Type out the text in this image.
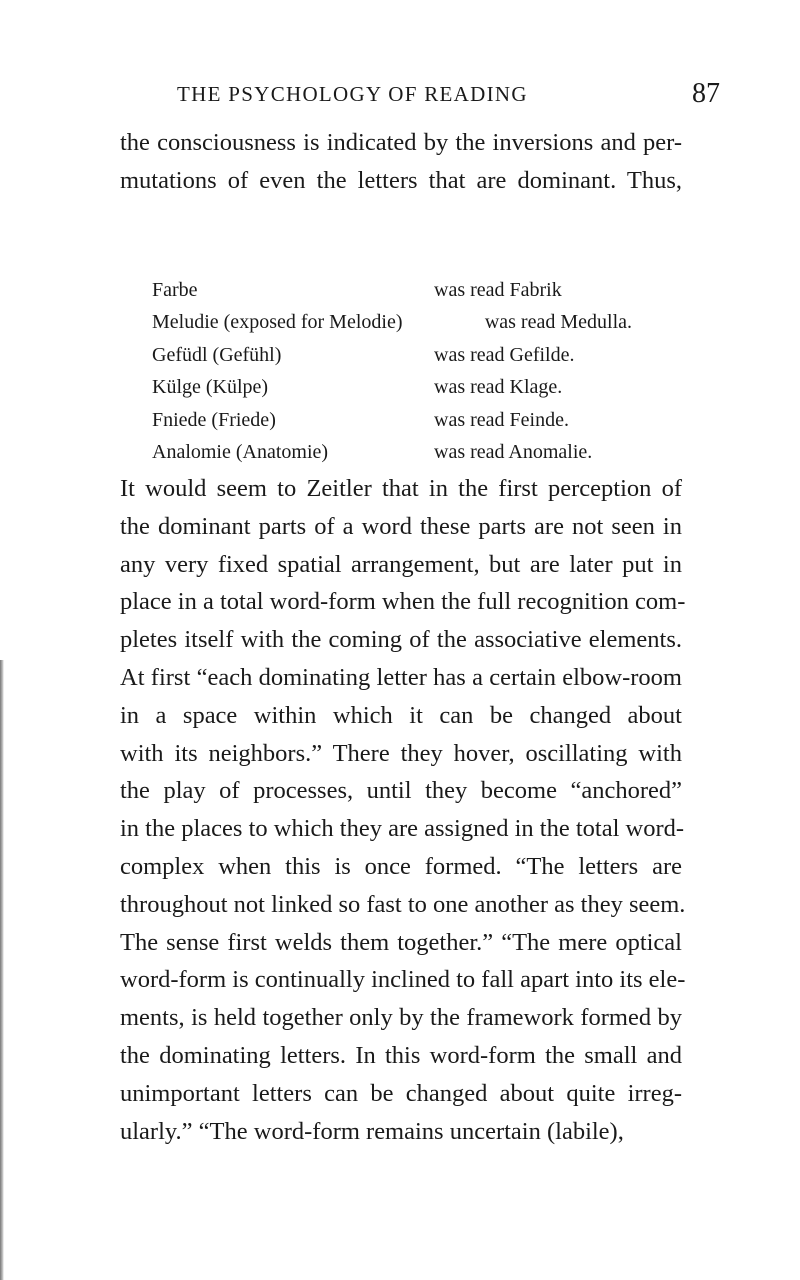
THE PSYCHOLOGY OF READING	87

the consciousness is indicated by the inversions and per-
mutations of even the letters that are dominant. Thus,

Farbe	was read Fabrik
Meludie (exposed for Melodie)	was read Medulla.
Gefüdl (Gefühl)	was read Gefilde.
Külge (Külpe)	was read Klage.
Fniede (Friede)	was read Feinde.
Analomie (Anatomie)	was read Anomalie.

It would seem to Zeitler that in the first perception of
the dominant parts of a word these parts are not seen in
any very fixed spatial arrangement, but are later put in
place in a total word-form when the full recognition com-
pletes itself with the coming of the associative elements.
At first “each dominating letter has a certain elbow-room
in a space within which it can be changed about
with its neighbors.” There they hover, oscillating with
the play of processes, until they become “anchored”
in the places to which they are assigned in the total word-
complex when this is once formed. “The letters are
throughout not linked so fast to one another as they seem.
The sense first welds them together.” “The mere optical
word-form is continually inclined to fall apart into its ele-
ments, is held together only by the framework formed by
the dominating letters. In this word-form the small and
unimportant letters can be changed about quite irreg-
ularly.” “The word-form remains uncertain (labile),
